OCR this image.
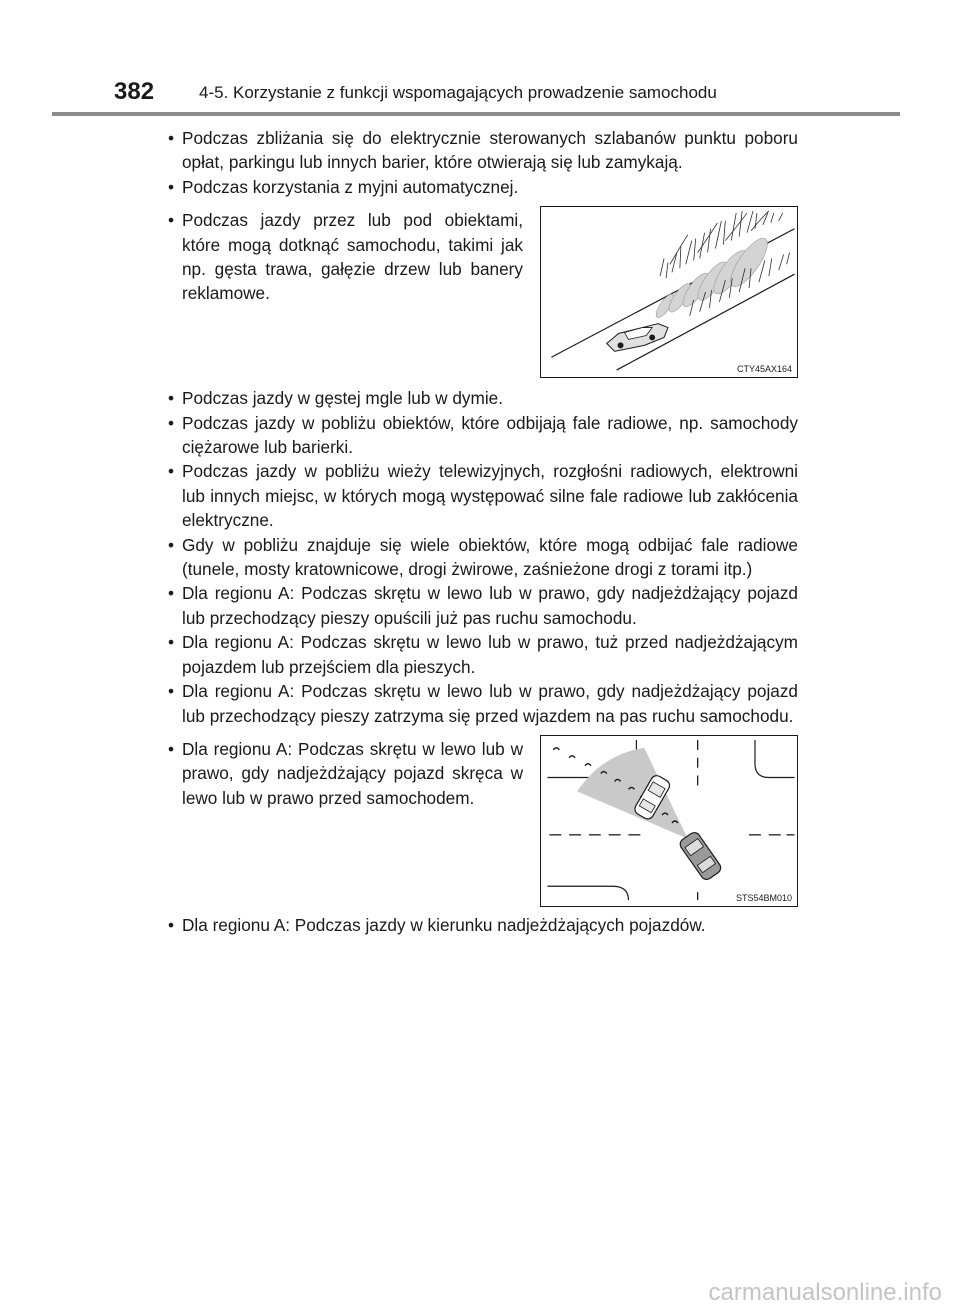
382	4-5. Korzystanie z funkcji wspomagających prowadzenie samochodu

• Podczas zbliżania się do elektrycznie sterowanych szlabanów punktu poboru opłat, parkingu lub innych barier, które otwierają się lub zamykają.

• Podczas korzystania z myjni automatycznej.

• Podczas jazdy przez lub pod obiektami, które mogą dotknąć samochodu, takimi jak np. gęsta trawa, gałęzie drzew lub banery reklamowe.

CTY45AX164

• Podczas jazdy w gęstej mgle lub w dymie.

• Podczas jazdy w pobliżu obiektów, które odbijają fale radiowe, np. samochody ciężarowe lub barierki.

• Podczas jazdy w pobliżu wieży telewizyjnych, rozgłośni radiowych, elektrowni lub innych miejsc, w których mogą występować silne fale radiowe lub zakłócenia elektryczne.

• Gdy w pobliżu znajduje się wiele obiektów, które mogą odbijać fale radiowe (tunele, mosty kratownicowe, drogi żwirowe, zaśnieżone drogi z torami itp.)

• Dla regionu A: Podczas skrętu w lewo lub w prawo, gdy nadjeżdżający pojazd lub przechodzący pieszy opuścili już pas ruchu samochodu.

• Dla regionu A: Podczas skrętu w lewo lub w prawo, tuż przed nadjeżdżającym pojazdem lub przejściem dla pieszych.

• Dla regionu A: Podczas skrętu w lewo lub w prawo, gdy nadjeżdżający pojazd lub przechodzący pieszy zatrzyma się przed wjazdem na pas ruchu samochodu.

• Dla regionu A: Podczas skrętu w lewo lub w prawo, gdy nadjeżdżający pojazd skręca w lewo lub w prawo przed samochodem.

STS54BM010

• Dla regionu A: Podczas jazdy w kierunku nadjeżdżających pojazdów.

carmanualsonline.info
